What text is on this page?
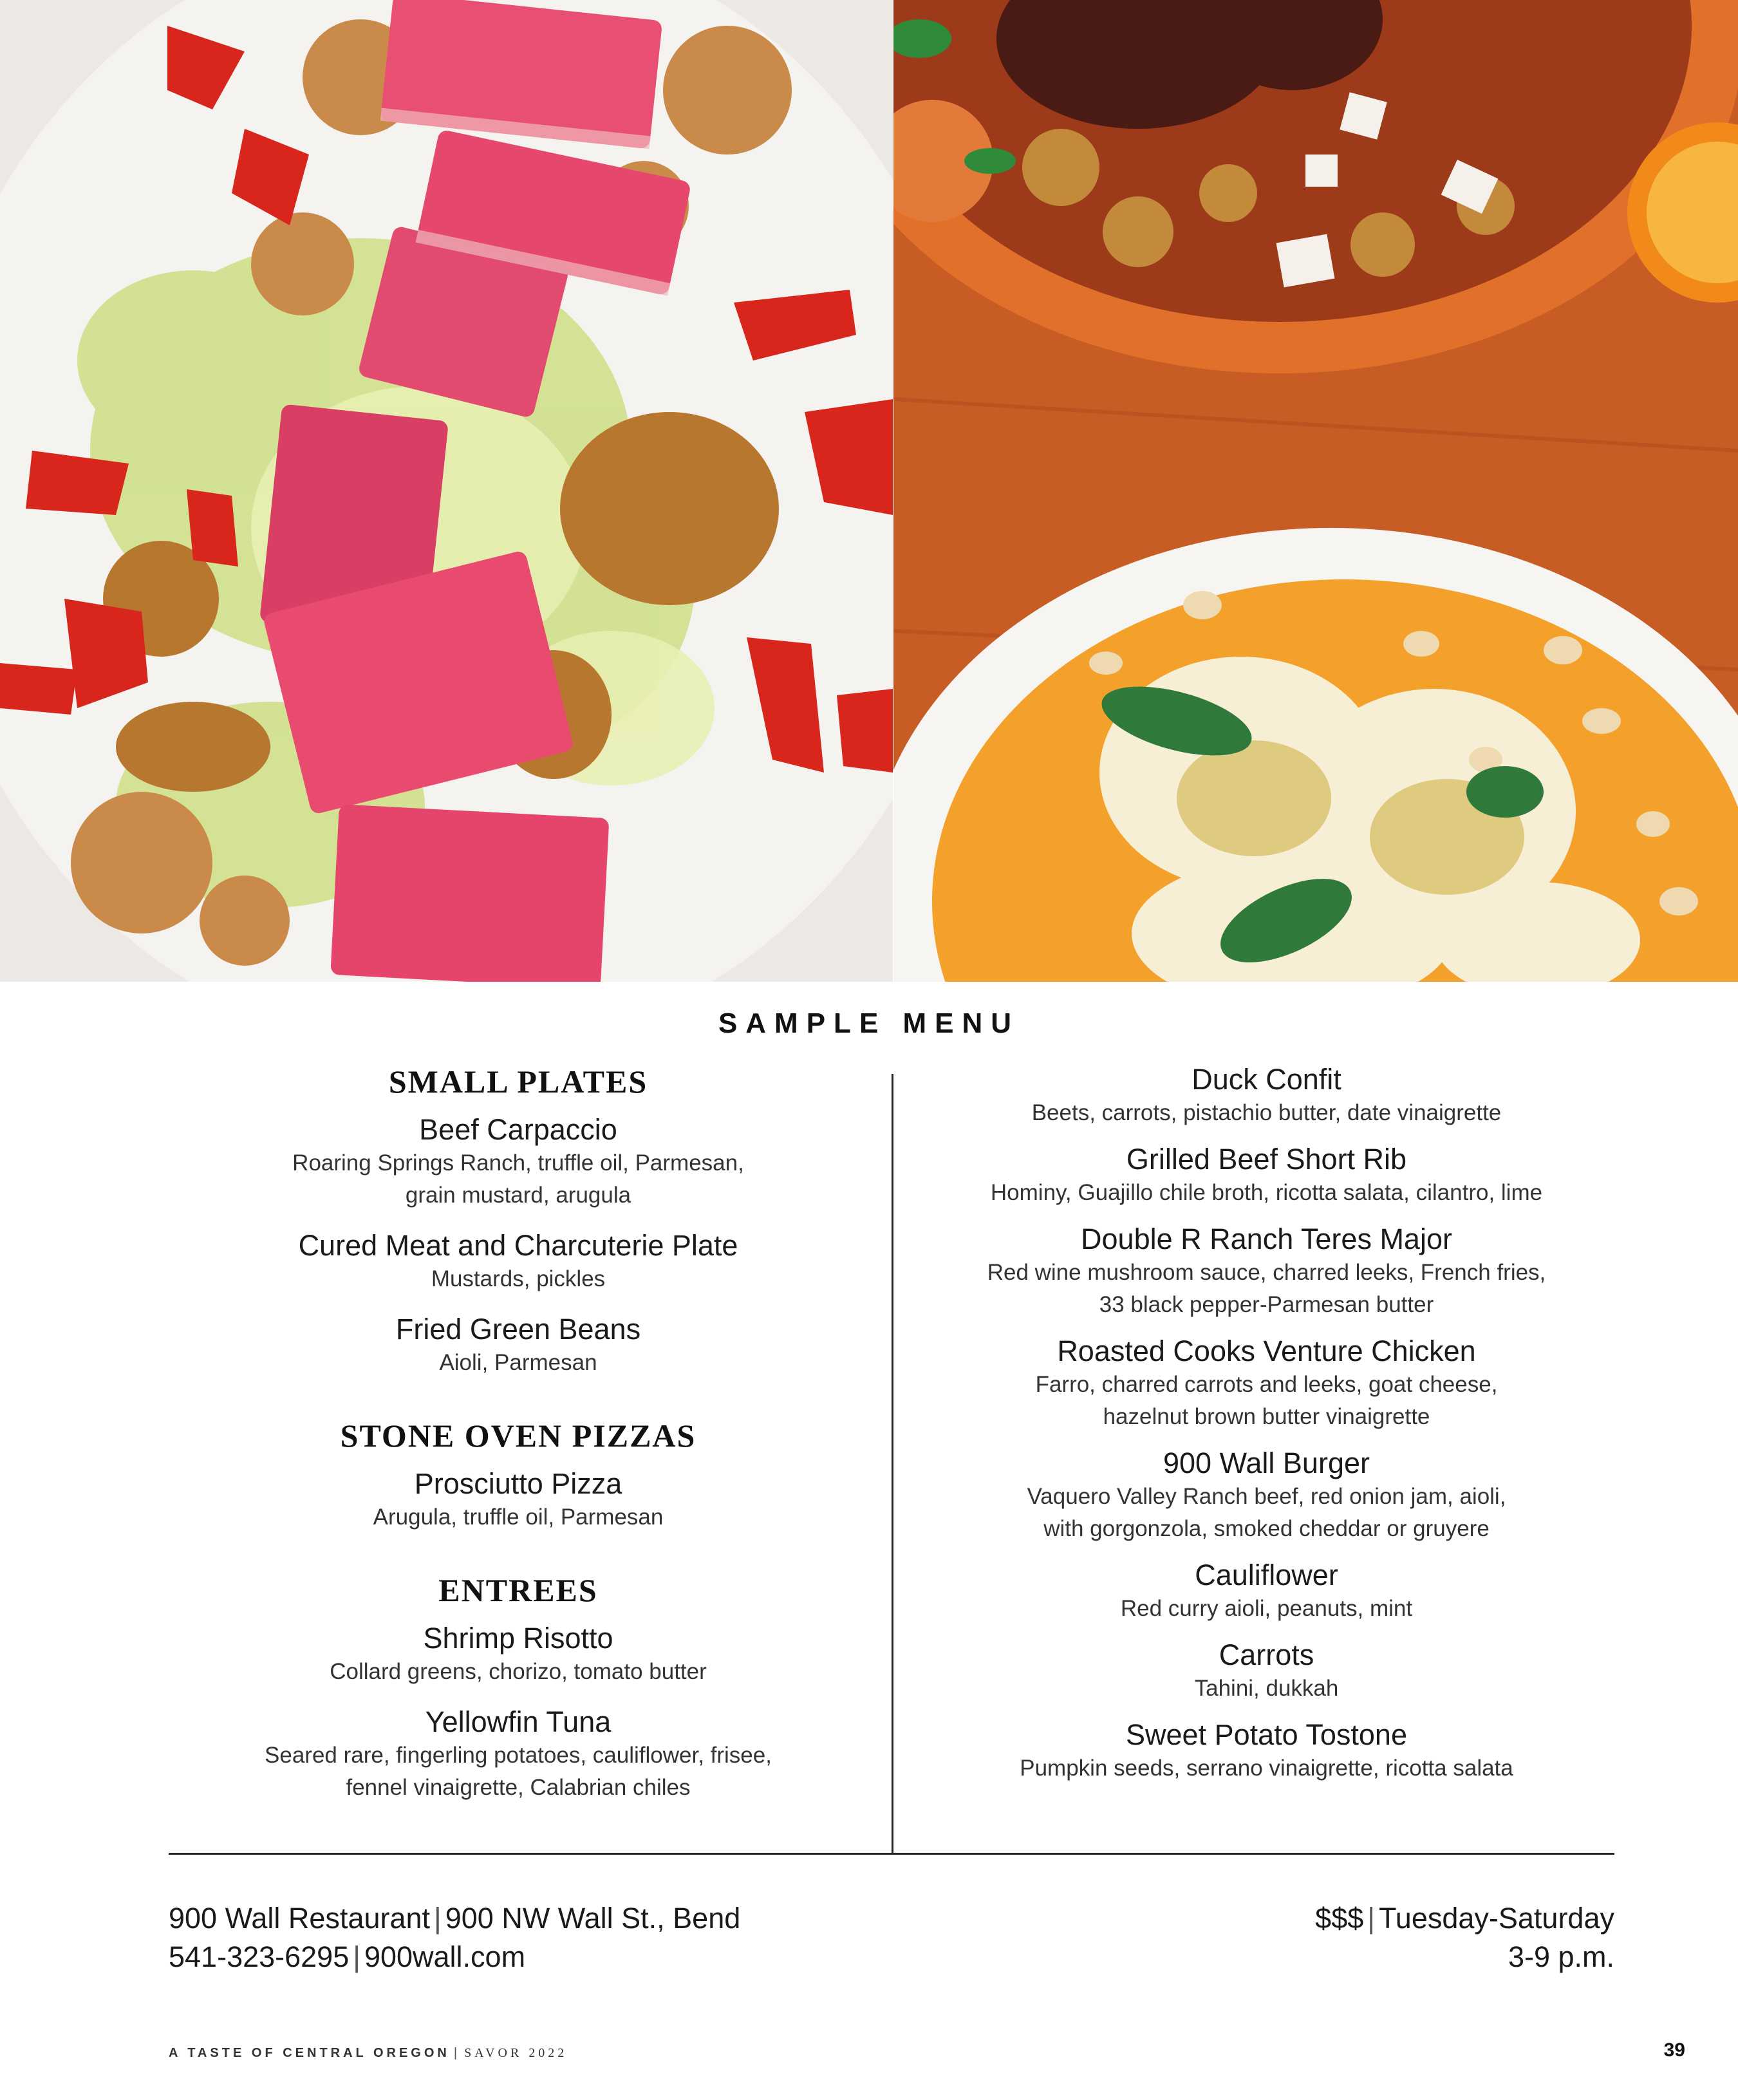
SAMPLE MENU
SMALL PLATES
Beef Carpaccio
Roaring Springs Ranch, truffle oil, Parmesan,
grain mustard, arugula
Cured Meat and Charcuterie Plate
Mustards, pickles
Fried Green Beans
Aioli, Parmesan
STONE OVEN PIZZAS
Prosciutto Pizza
Arugula, truffle oil, Parmesan
ENTREES
Shrimp Risotto
Collard greens, chorizo, tomato butter
Yellowfin Tuna
Seared rare, fingerling potatoes, cauliflower, frisee,
fennel vinaigrette, Calabrian chiles
Duck Confit
Beets, carrots, pistachio butter, date vinaigrette
Grilled Beef Short Rib
Hominy, Guajillo chile broth, ricotta salata, cilantro, lime
Double R Ranch Teres Major
Red wine mushroom sauce, charred leeks, French fries,
33 black pepper-Parmesan butter
Roasted Cooks Venture Chicken
Farro, charred carrots and leeks, goat cheese,
hazelnut brown butter vinaigrette
900 Wall Burger
Vaquero Valley Ranch beef, red onion jam, aioli,
with gorgonzola, smoked cheddar or gruyere
Cauliflower
Red curry aioli, peanuts, mint
Carrots
Tahini, dukkah
Sweet Potato Tostone
Pumpkin seeds, serrano vinaigrette, ricotta salata
900 Wall Restaurant | 900 NW Wall St., Bend
541-323-6295 | 900wall.com
$$$ | Tuesday-Saturday
3-9 p.m.
A TASTE OF CENTRAL OREGON | SAVOR 2022	39
